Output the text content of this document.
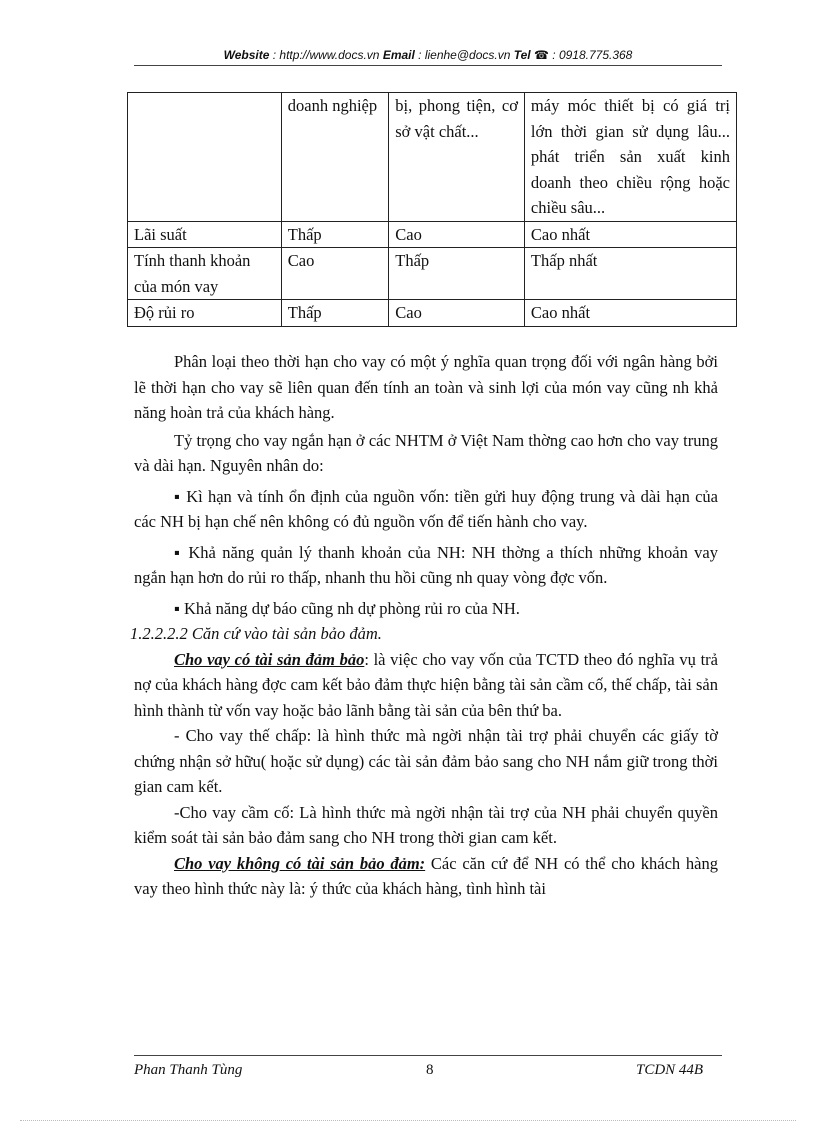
Website : http://www.docs.vn Email : lienhe@docs.vn Tel ☎ : 0918.775.368
	doanh nghiệp	bị, phong tiện, cơ sở vật chất...	máy móc thiết bị có giá trị lớn thời gian sử dụng lâu... phát triển sản xuất kinh doanh theo chiều rộng hoặc chiều sâu...
Lãi suất	Thấp	Cao	Cao nhất
Tính thanh khoản của món vay	Cao	Thấp	Thấp nhất
Độ rủi ro	Thấp	Cao	Cao nhất

Phân loại theo thời hạn cho vay có một ý nghĩa quan trọng đối với ngân hàng bởi lẽ thời hạn cho vay sẽ liên quan đến tính an toàn và sinh lợi của món vay cũng nh khả năng hoàn trả của khách hàng.

Tỷ trọng cho vay ngắn hạn ở các NHTM ở Việt Nam thờng cao hơn cho vay trung và dài hạn. Nguyên nhân do:

▪ Kì hạn và tính ổn định của nguồn vốn: tiền gửi huy động trung và dài hạn của các NH bị hạn chế nên không có đủ nguồn vốn để tiến hành cho vay.

▪ Khả năng quản lý thanh khoản của NH: NH thờng a thích những khoản vay ngắn hạn hơn do rủi ro thấp, nhanh thu hồi cũng nh quay vòng đợc vốn.

▪ Khả năng dự báo cũng nh dự phòng rủi ro của NH.

1.2.2.2.2 Căn cứ vào tài sản bảo đảm.

Cho vay có tài sản đảm bảo: là việc cho vay vốn của TCTD theo đó nghĩa vụ trả nợ của khách hàng đợc cam kết bảo đảm thực hiện bằng tài sản cầm cố, thế chấp, tài sản hình thành từ vốn vay hoặc bảo lãnh bằng tài sản của bên thứ ba.

- Cho vay thế chấp: là hình thức mà ngời nhận tài trợ phải chuyển các giấy tờ chứng nhận sở hữu( hoặc sử dụng) các tài sản đảm bảo sang cho NH nắm giữ trong thời gian cam kết.

-Cho vay cầm cố: Là hình thức mà ngời nhận tài trợ của NH phải chuyển quyền kiểm soát tài sản bảo đảm sang cho NH trong thời gian cam kết.

Cho vay không có tài sản bảo đảm: Các căn cứ để NH có thể cho khách hàng vay theo hình thức này là: ý thức của khách hàng, tình hình tài

Phan Thanh Tùng	8	TCDN 44B
